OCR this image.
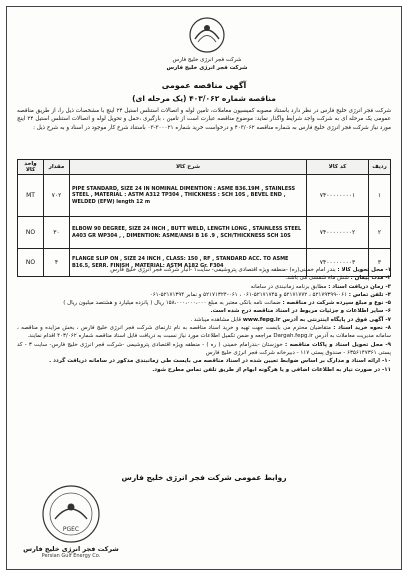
شرکت فجر انرژی خلیج فارس
شرکت فجر انرژی خلیج فارس
آگهی مناقصه عمومی
مناقصه شماره ۴۰۳/۰۶۲ (یک مرحله ای)
شرکت فجر انرژی خلیج فارس در نظر دارد باستناد مصوبه کمیسیون معاملات، تامین لوله و اتصالات استنلس استیل ۲۴ اینچ با مشخصات ذیل را، از طریق مناقصه عمومی یک مرحله ای به شرکت واجد شرایط واگذار نماید: موضوع مناقصه عبارت است از تامین ، بارگیری ،حمل و تحویل لوله و اتصالات استنلس استیل ۲۴ اینچ مورد نیاز شرکت فجر انرژی خلیج فارس به شماره مناقصه ۴۰۳/۰۶۲ و درخواست خرید شماره ۳۰۰۰۲۱-۰۳ باستناد شرح کار موجود در اسناد و به شرح ذیل :
واحد کالا	مقدار	شرح کالا	کد کالا	ردیف
MT	۷۰۲	PIPE STANDARD, SIZE 24 IN NOMINAL DIMENTION : ASME B36.19M , STAINLESS STEEL , MATERIAL : ASTM A312 TP304 , THICKNESS : SCH 10S , BEVEL END , WELDED (EFW) length 12 m	۷۴۰۰۰۰۰۰۰۰۱	۱
NO	۳۰	ELBOW 90 DEGREE, SIZE 24 INCH , BUTT WELD, LENGTH LONG , STAINLESS STEEL A403 GR WP304 , , DIMENTION: ASME/ANSI B 16 .9 , SCH/THICKNESS SCH 10S	۷۴۰۰۰۰۰۰۰۰۲	۲
NO	۴	FLANGE SLIP ON , SIZE 24 INCH , CLASS: 150 , RF , STANDARD ACC. TO ASME B16.5, SERR. FINISH , MATERIAL: ASTM A182 Gr. F304	۷۴۰۰۰۰۰۰۰۰۳	۳

۱- محل تحویل کالا : بندر امام خمینی(ره) -منطقه ویژه اقتصادی پتروشیمی- سایت۱ -انبار شرکت فجر انرژی خلیج فارس

۲- مدت پیمان : شش ماه شمسی می باشد.

۳- زمان دریافت اسناد : مطابق برنامه زمانبندی در سامانه

۴- تلفن تماس : ۰۶۱-۵۲۱۷۹۳۹۹ ، ۵۲۱۷۱۷۷۲ و ۵۲۱۷۱۷۴۵-۰۶۱ ، ۰۶۱-۵۲۱۷۱۳۲۴ و نمابر ۵۲۱۷۱۳۹۴-۰۶۱

۵- نوع و مبلغ سپرده شرکت در مناقصه : ضمانت نامه بانکی معتبر به مبلغ ۱۵۸،۰۰۰،۰۰۰،۰۰۰ ریال ( پانزده میلیارد و هشتصد میلیون ریال )

۶- سایر اطلاعات و جزئیات مربوط در اسناد مناقصه درج شده است.

۷- آگهی فوق در پایگاه اینترنتی به آدرس www.fepg.ir قابل مشاهده میباشد .

۸- نحوه خرید اسناد : متقاضیان محترم می بایست جهت تهیه و خرید اسناد مناقصه به نام تارنمای شرکت فجر انرژی خلیج فارس ، بخش مزایده و مناقصه ، سامانه مدیریت معاملات به آدرس Dargah.fepg.ir مراجعه و ضمن تکمیل اطلاعات مورد نیاز نسبت به دریافت فایل اسناد مناقصه شماره ۴۰۳/۰۶۲ اقدام نمایند.

۹- محل تحویل اسناد و پاکات مناقصه : خوزستان -بندرامام خمینی ( ره ) - منطقه ویژه اقتصادی پتروشیمی -شرکت فجر انرژی خلیج فارس- سایت ۳ - کد پستی ۶۳۵۶۱۴۷۳۶۱ - صندوق پستی ۱۱۷ - دبیرخانه شرکت فجر انرژی خلیج فارس

۱۰- ارائه اسناد و مدارک بر اساس ضوابط تعیین شده در اسناد مناقصه می بایست طی زمانبندی مذکور در سامانه دریافت گردد .

۱۱- در صورت نیاز به اطلاعات اضافی و یا هرگونه ابهام از طریق تلفن تماس مطرح شود.

روابط عمومی شرکت فجر انرژی خلیج فارس
PGEC
شرکت فجر انرژی خلیج فارس
Persian Gulf Energy Co.
